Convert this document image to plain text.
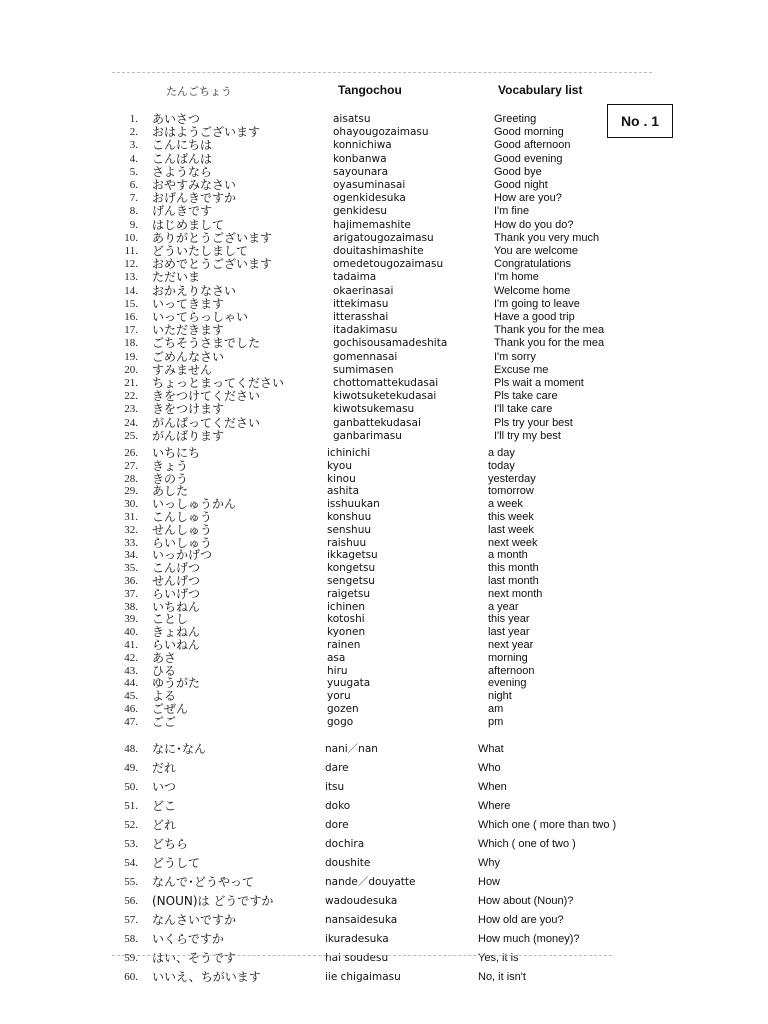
たんごちょう	Tangochou	Vocabulary list
No . 1
1. あいさつ	aisatsu	Greeting
2. おはようございます	ohayougozaimasu	Good morning
3. こんにちは	konnichiwa	Good afternoon
4. こんばんは	konbanwa	Good evening
5. さようなら	sayounara	Good bye
6. おやすみなさい	oyasuminasai	Good night
7. おげんきですか	ogenkidesuka	How are you?
8. げんきです	genkidesu	I'm fine
9. はじめまして	hajimemashite	How do you do?
10. ありがとうございます	arigatougozaimasu	Thank you very much
11. どういたしまして	douitashimashite	You are welcome
12. おめでとうございます	omedetougozaimasu	Congratulations
13. ただいま	tadaima	I'm home
14. おかえりなさい	okaerinasai	Welcome home
15. いってきます	ittekimasu	I'm going to leave
16. いってらっしゃい	itterasshai	Have a good trip
17. いただきます	itadakimasu	Thank you for the mea
18. ごちそうさまでした	gochisousamadeshita	Thank you for the mea
19. ごめんなさい	gomennasai	I'm sorry
20. すみません	sumimasen	Excuse me
21. ちょっとまってください	chottomattekudasai	Pls wait a moment
22. きをつけてください	kiwotsuketekudasai	Pls take care
23. きをつけます	kiwotsukemasu	I'll take care
24. がんばってください	ganbattekudasai	Pls try your best
25. がんばります	ganbarimasu	I'll try my best
26. いちにち	ichinichi	a day
27. きょう	kyou	today
28. きのう	kinou	yesterday
29. あした	ashita	tomorrow
30. いっしゅうかん	isshuukan	a week
31. こんしゅう	konshuu	this week
32. せんしゅう	senshuu	last week
33. らいしゅう	raishuu	next week
34. いっかげつ	ikkagetsu	a month
35. こんげつ	kongetsu	this month
36. せんげつ	sengetsu	last month
37. らいげつ	raigetsu	next month
38. いちねん	ichinen	a year
39. ことし	kotoshi	this year
40. きょねん	kyonen	last year
41. らいねん	rainen	next year
42. あさ	asa	morning
43. ひる	hiru	afternoon
44. ゆうがた	yuugata	evening
45. よる	yoru	night
46. ごぜん	gozen	am
47. ごご	gogo	pm
48. なに･なん	nani／nan	What
49. だれ	dare	Who
50. いつ	itsu	When
51. どこ	doko	Where
52. どれ	dore	Which one ( more than two )
53. どちら	dochira	Which ( one of two )
54. どうして	doushite	Why
55. なんで･どうやって	nande／douyatte	How
56. (NOUN)は どうですか	wadoudesuka	How about (Noun)?
57. なんさいですか	nansaidesuka	How old are you?
58. いくらですか	ikuradesuka	How much (money)?
59. はい、そうです	hai soudesu	Yes, it is
60. いいえ、ちがいます	iie chigaimasu	No, it isn't
